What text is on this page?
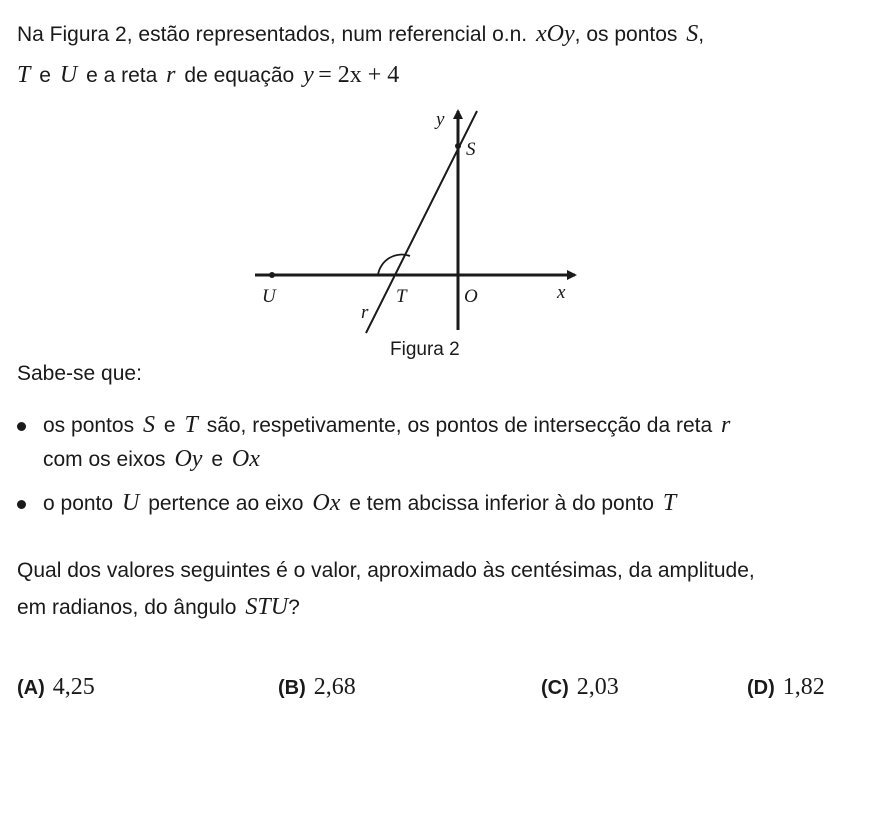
Na Figura 2, estão representados, num referencial o.n. xOy, os pontos S,
T e U e a reta r de equação y = 2x + 4
y
S
U	T	O	x
r
Figura 2
Sabe-se que:
os pontos S e T são, respetivamente, os pontos de intersecção da reta r
com os eixos Oy e Ox
o ponto U pertence ao eixo Ox e tem abcissa inferior à do ponto T
Qual dos valores seguintes é o valor, aproximado às centésimas, da amplitude,
em radianos, do ângulo STU?
(A) 4,25	(B) 2,68	(C) 2,03	(D) 1,82
